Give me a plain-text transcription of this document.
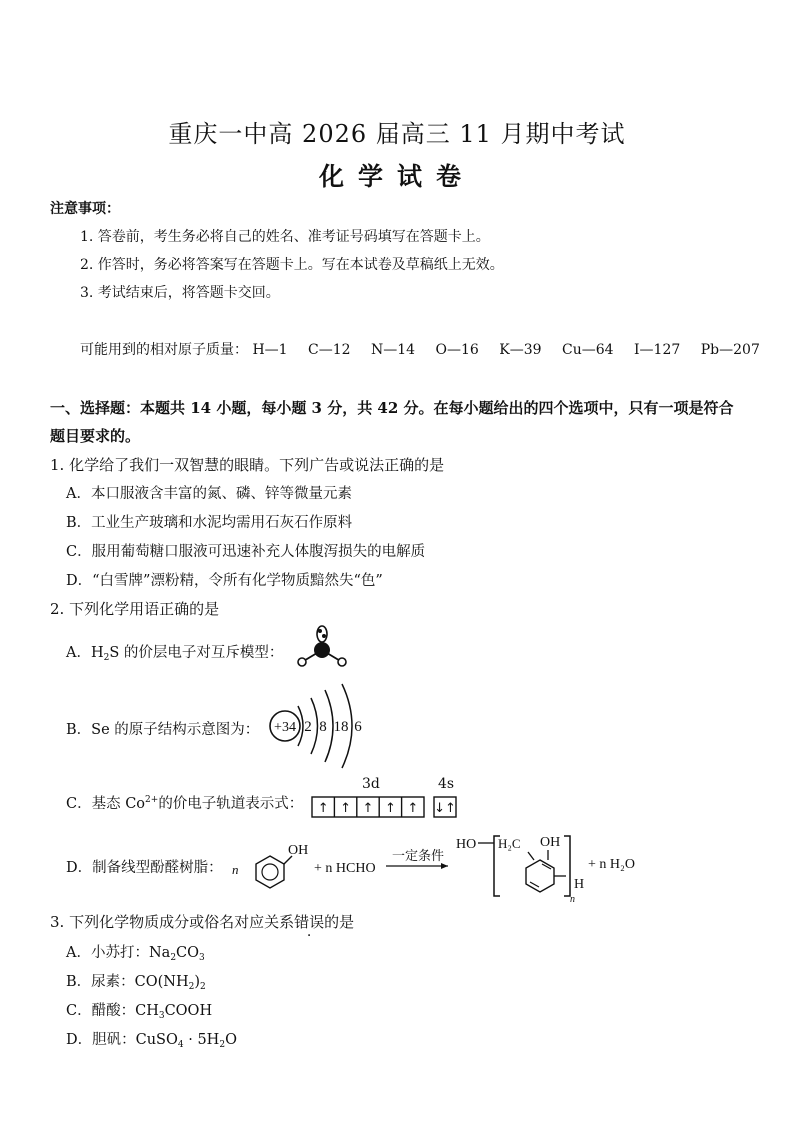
重庆一中高 2026 届高三 11 月期中考试
化学试卷
注意事项：
1. 答卷前，考生务必将自己的姓名、准考证号码填写在答题卡上。
2. 作答时，务必将答案写在答题卡上。写在本试卷及草稿纸上无效。
3. 考试结束后，将答题卡交回。
可能用到的相对原子质量： H—1 C—12 N—14 O—16 K—39 Cu—64 I—127 Pb—207
一、选择题：本题共 14 小题，每小题 3 分，共 42 分。在每小题给出的四个选项中，只有一项是符合
题目要求的。
1. 化学给了我们一双智慧的眼睛。下列广告或说法正确的是
A．本口服液含丰富的氮、磷、锌等微量元素
B．工业生产玻璃和水泥均需用石灰石作原料
C．服用葡萄糖口服液可迅速补充人体腹泻损失的电解质
D．“白雪牌”漂粉精，令所有化学物质黯然失“色”
2. 下列化学用语正确的是
A．$H_2S$ 的价层电子对互斥模型：
B．Se 的原子结构示意图为： +34 2 8 18 6
C．基态 $Co^{2+}$的价电子轨道表示式：
3d	4s
↑ ↑ ↑ ↑ ↑ ↓↑
D．制备线型酚醛树脂： n
OH
+ n HCHO
一定条件
HO H₂C OH
n
H
+ n H₂O
3. 下列化学物质成分或俗名对应关系错误的是
A．小苏打：$Na_2CO_3$
B．尿素：$CO(NH_2)_2$
C．醋酸：$CH_3COOH$
D．胆矾：CuSO$_4$ · $5H_2O$
